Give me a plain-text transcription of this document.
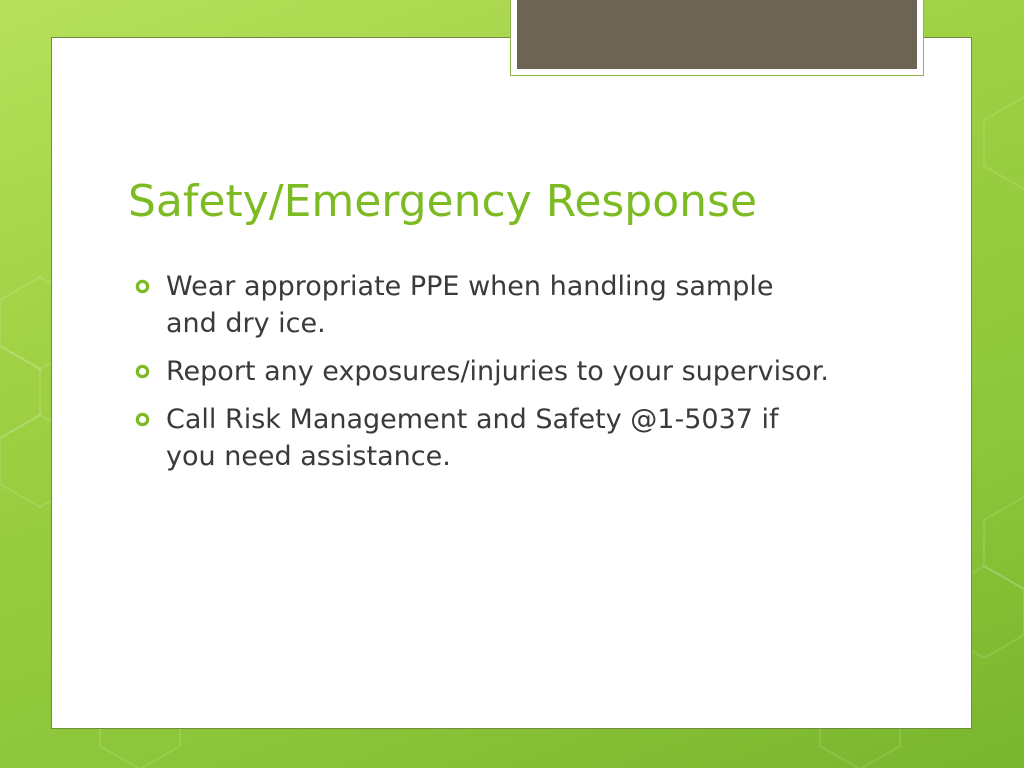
Safety/Emergency Response
Wear appropriate PPE when handling sample and dry ice.
Report any exposures/injuries to your supervisor.
Call Risk Management and Safety @1-5037 if you need assistance.
